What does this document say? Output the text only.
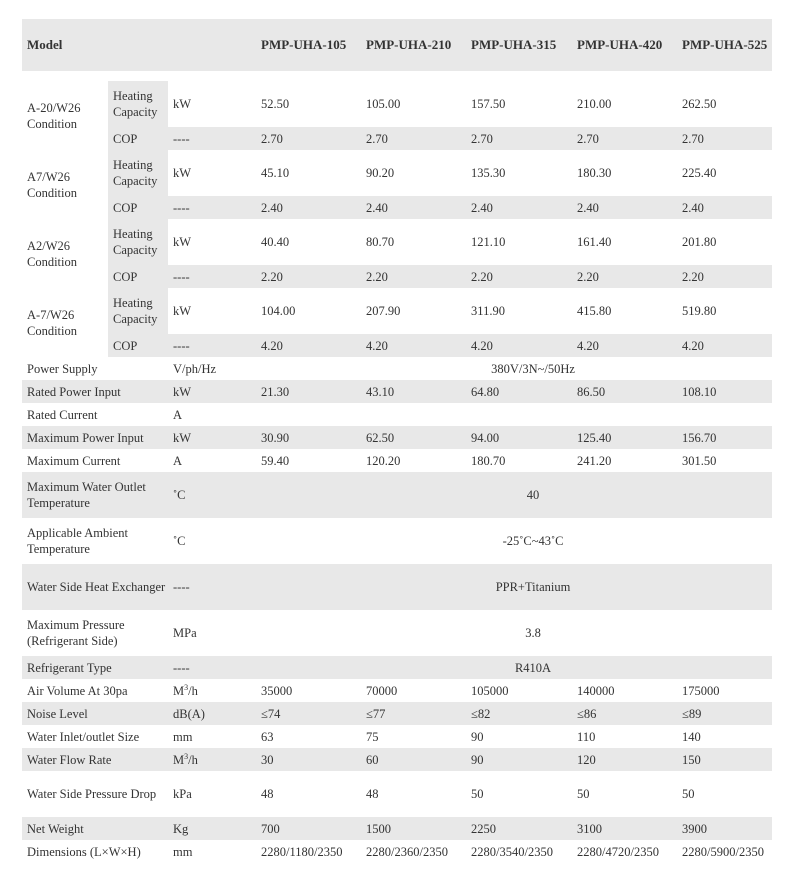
Model			PMP-UHA-105	PMP-UHA-210	PMP-UHA-315	PMP-UHA-420	PMP-UHA-525

A-20/W26 Condition	Heating Capacity	kW	52.50	105.00	157.50	210.00	262.50
	COP	----	2.70	2.70	2.70	2.70	2.70
A7/W26 Condition	Heating Capacity	kW	45.10	90.20	135.30	180.30	225.40
	COP	----	2.40	2.40	2.40	2.40	2.40
A2/W26 Condition	Heating Capacity	kW	40.40	80.70	121.10	161.40	201.80
	COP	----	2.20	2.20	2.20	2.20	2.20
A-7/W26 Condition	Heating Capacity	kW	104.00	207.90	311.90	415.80	519.80
	COP	----	4.20	4.20	4.20	4.20	4.20
Power Supply		V/ph/Hz	380V/3N~/50Hz				
Rated Power Input		kW	21.30	43.10	64.80	86.50	108.10
Rated Current		A					
Maximum Power Input		kW	30.90	62.50	94.00	125.40	156.70
Maximum Current		A	59.40	120.20	180.70	241.20	301.50
Maximum Water Outlet Temperature		˚C	40				
Applicable Ambient Temperature		˚C	-25˚C~43˚C				
Water Side Heat Exchanger		----	PPR+Titanium				
Maximum Pressure (Refrigerant Side)		MPa	3.8				
Refrigerant Type		----	R410A				
Air Volume At 30pa		$M^3/h$	35000	70000	105000	140000	175000
Noise Level		dB(A)	≤74	≤77	≤82	≤86	≤89
Water Inlet/outlet Size		mm	63	75	90	110	140
Water Flow Rate		$M^3/h$	30	60	90	120	150
Water Side Pressure Drop		kPa	48	48	50	50	50
Net Weight		Kg	700	1500	2250	3100	3900
Dimensions (L×W×H)		mm	2280/1180/2350	2280/2360/2350	2280/3540/2350	2280/4720/2350	2280/5900/2350
